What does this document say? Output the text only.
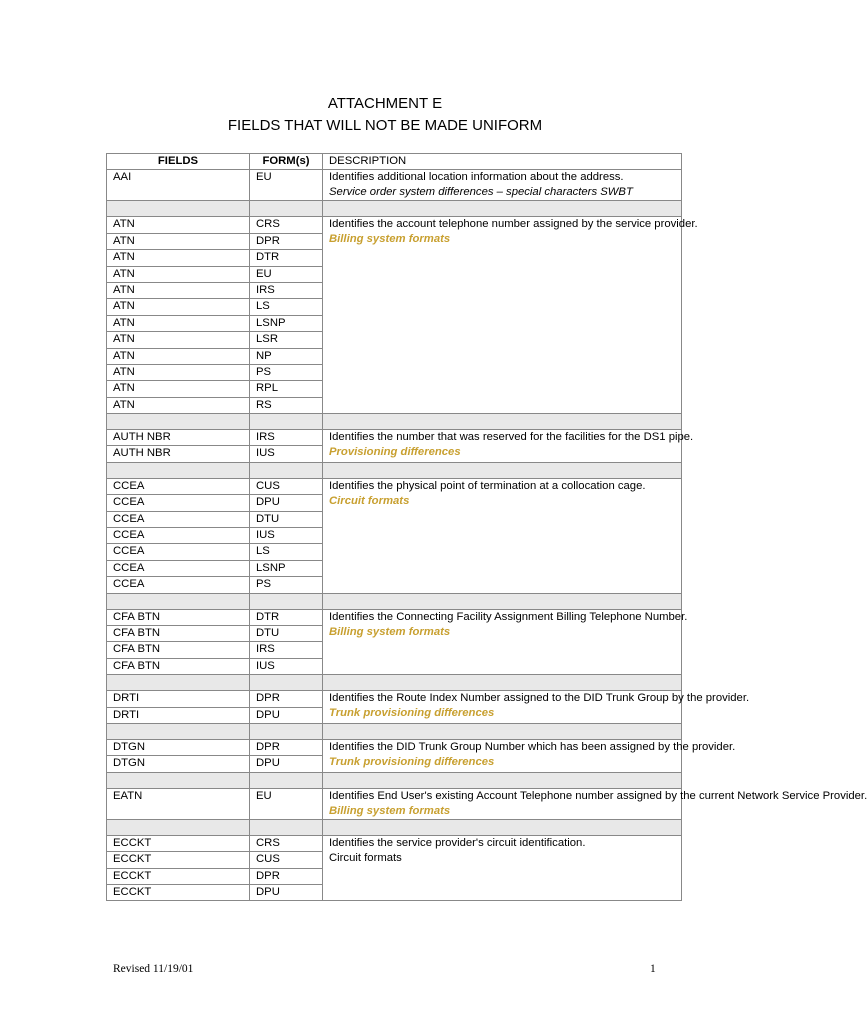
ATTACHMENT E
FIELDS THAT WILL NOT BE MADE UNIFORM
FIELDS	FORM(s)	DESCRIPTION
AAI	EU	Identifies additional location information about the address.
Service order system differences – special characters SWBT

ATN	CRS	Identifies the account telephone number assigned by the service provider.
Billing system formats

ATN	DPR	
ATN	DTR	
ATN	EU	
ATN	IRS	
ATN	LS	
ATN	LSNP	
ATN	LSR	
ATN	NP	
ATN	PS	
ATN	RPL	
ATN	RS	

AUTH NBR	IRS	Identifies the number that was reserved for the facilities for the DS1 pipe.
Provisioning differences

AUTH NBR	IUS	

CCEA	CUS	Identifies the physical point of termination at a collocation cage.
Circuit formats

CCEA	DPU	
CCEA	DTU	
CCEA	IUS	
CCEA	LS	
CCEA	LSNP	
CCEA	PS	

CFA BTN	DTR	Identifies the Connecting Facility Assignment Billing Telephone Number.
Billing system formats

CFA BTN	DTU	
CFA BTN	IRS	
CFA BTN	IUS	

DRTI	DPR	Identifies the Route Index Number assigned to the DID Trunk Group by the provider.
Trunk provisioning differences

DRTI	DPU	

DTGN	DPR	Identifies the DID Trunk Group Number which has been assigned by the provider.
Trunk provisioning differences

DTGN	DPU	

EATN	EU	Identifies End User's existing Account Telephone number assigned by the current Network Service Provider.
Billing system formats

ECCKT	CRS	Identifies the service provider's circuit identification.
Circuit formats

ECCKT	CUS	
ECCKT	DPR	
ECCKT	DPU	
Revised 11/19/01	1
